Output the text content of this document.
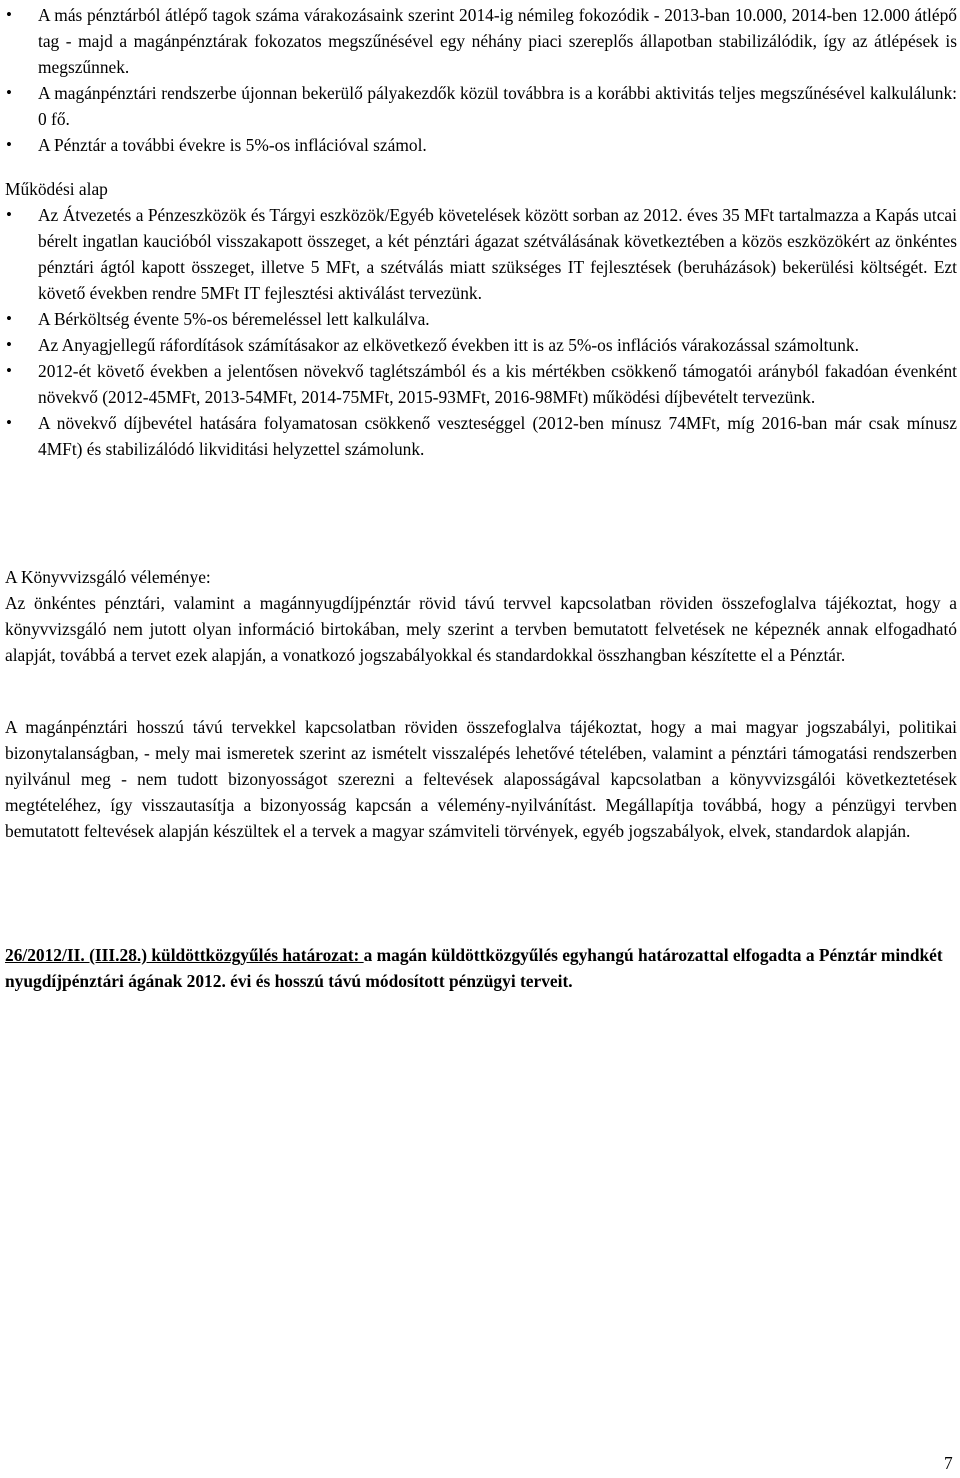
• A más pénztárból átlépő tagok száma várakozásaink szerint 2014-ig némileg fokozódik - 2013-ban 10.000, 2014-ben 12.000 átlépő tag - majd a magánpénztárak fokozatos megszűnésével egy néhány piaci szereplős állapotban stabilizálódik, így az átlépések is megszűnnek.
• A magánpénztári rendszerbe újonnan bekerülő pályakezdők közül továbbra is a korábbi aktivitás teljes megszűnésével kalkulálunk: 0 fő.
• A Pénztár a további évekre is 5%-os inflációval számol.

Működési alap

• Az Átvezetés a Pénzeszközök és Tárgyi eszközök/Egyéb követelések között sorban az 2012. éves 35 MFt tartalmazza a Kapás utcai bérelt ingatlan kaucióból visszakapott összeget, a két pénztári ágazat szétválásának következtében a közös eszközökért az önkéntes pénztári ágtól kapott összeget, illetve 5 MFt, a szétválás miatt szükséges IT fejlesztések (beruházások) bekerülési költségét. Ezt követő években rendre 5MFt IT fejlesztési aktiválást tervezünk.
• A Bérköltség évente 5%-os béremeléssel lett kalkulálva.
• Az Anyagjellegű ráfordítások számításakor az elkövetkező években itt is az 5%-os inflációs várakozással számoltunk.
• 2012-ét követő években a jelentősen növekvő taglétszámból és a kis mértékben csökkenő támogatói arányból fakadóan évenként növekvő (2012-45MFt, 2013-54MFt, 2014-75MFt, 2015-93MFt, 2016-98MFt) működési díjbevételt tervezünk.
• A növekvő díjbevétel hatására folyamatosan csökkenő veszteséggel (2012-ben mínusz 74MFt, míg 2016-ban már csak mínusz 4MFt) és stabilizálódó likviditási helyzettel számolunk.

A Könyvvizsgáló véleménye:

Az önkéntes pénztári, valamint a magánnyugdíjpénztár rövid távú tervvel kapcsolatban röviden összefoglalva tájékoztat, hogy a könyvvizsgáló nem jutott olyan információ birtokában, mely szerint a tervben bemutatott felvetések ne képeznék annak elfogadható alapját, továbbá a tervet ezek alapján, a vonatkozó jogszabályokkal és standardokkal összhangban készítette el a Pénztár.

A magánpénztári hosszú távú tervekkel kapcsolatban röviden összefoglalva tájékoztat, hogy a mai magyar jogszabályi, politikai bizonytalanságban, - mely mai ismeretek szerint az ismételt visszalépés lehetővé tételében, valamint a pénztári támogatási rendszerben nyilvánul meg - nem tudott bizonyosságot szerezni a feltevések alaposságával kapcsolatban a könyvvizsgálói következtetések megtételéhez, így visszautasítja a bizonyosság kapcsán a vélemény-nyilvánítást. Megállapítja továbbá, hogy a pénzügyi tervben bemutatott feltevések alapján készültek el a tervek a magyar számviteli törvények, egyéb jogszabályok, elvek, standardok alapján.

26/2012/II. (III.28.) küldöttközgyűlés határozat: a magán küldöttközgyűlés egyhangú határozattal elfogadta a Pénztár mindkét nyugdíjpénztári ágának 2012. évi és hosszú távú módosított pénzügyi terveit.

7
